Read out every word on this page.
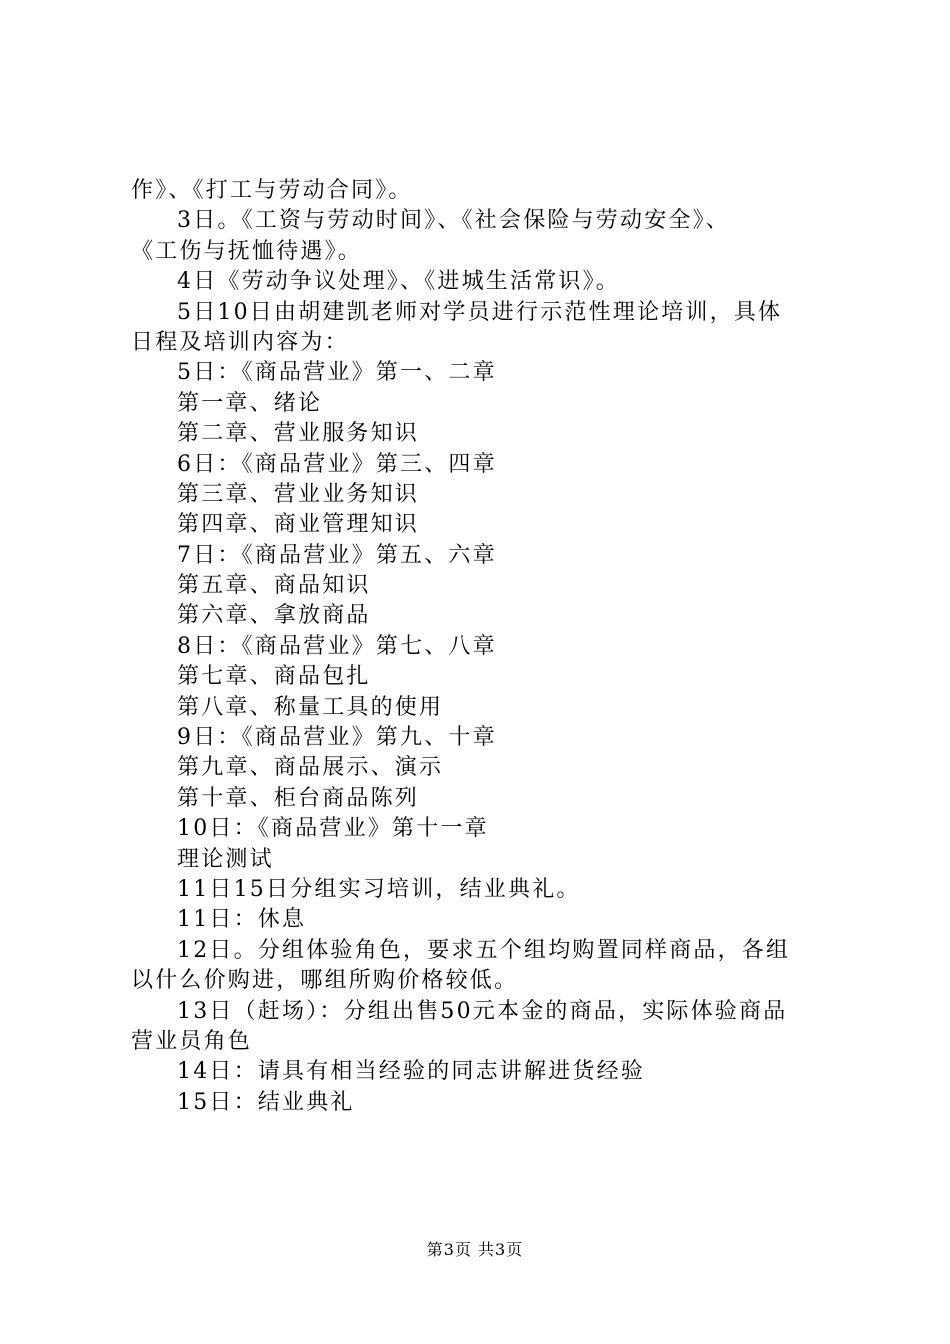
作》、《打工与劳动合同》。
3日。《工资与劳动时间》、《社会保险与劳动安全》、
《工伤与抚恤待遇》。
4日《劳动争议处理》、《进城生活常识》。
5日10日由胡建凯老师对学员进行示范性理论培训，具体
日程及培训内容为：
5日：《商品营业》第一、二章
第一章、绪论
第二章、营业服务知识
6日：《商品营业》第三、四章
第三章、营业业务知识
第四章、商业管理知识
7日：《商品营业》第五、六章
第五章、商品知识
第六章、拿放商品
8日：《商品营业》第七、八章
第七章、商品包扎
第八章、称量工具的使用
9日：《商品营业》第九、十章
第九章、商品展示、演示
第十章、柜台商品陈列
10日：《商品营业》第十一章
理论测试
11日15日分组实习培训，结业典礼。
11日：休息
12日。分组体验角色，要求五个组均购置同样商品，各组
以什么价购进，哪组所购价格较低。
13日（赶场）：分组出售50元本金的商品，实际体验商品
营业员角色
14日：请具有相当经验的同志讲解进货经验
15日：结业典礼
第3页 共3页
